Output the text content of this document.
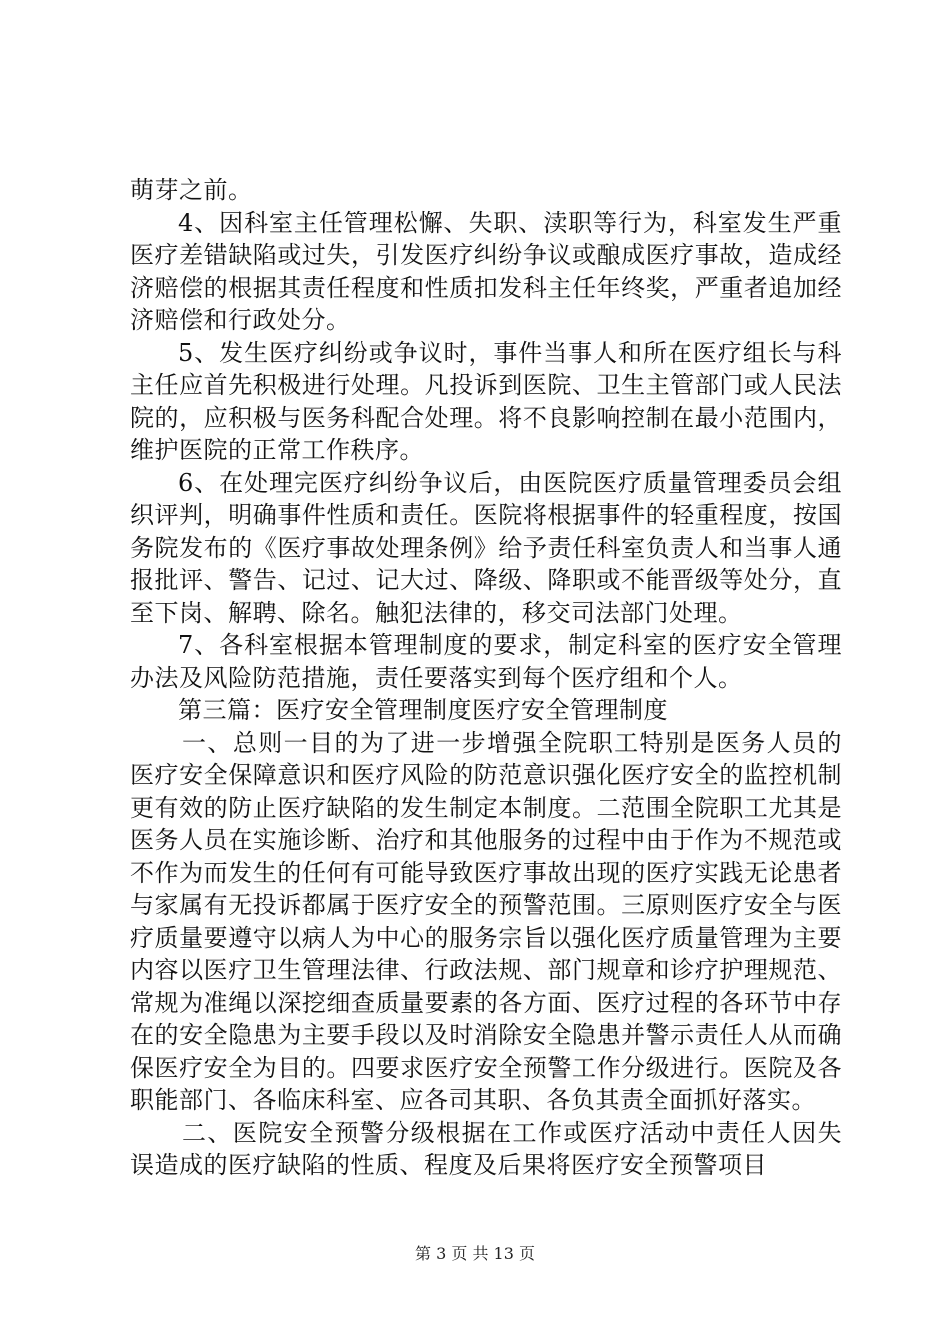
萌芽之前。

4、因科室主任管理松懈、失职、渎职等行为，科室发生严重医疗差错缺陷或过失，引发医疗纠纷争议或酿成医疗事故，造成经济赔偿的根据其责任程度和性质扣发科主任年终奖，严重者追加经济赔偿和行政处分。

5、发生医疗纠纷或争议时，事件当事人和所在医疗组长与科主任应首先积极进行处理。凡投诉到医院、卫生主管部门或人民法院的，应积极与医务科配合处理。将不良影响控制在最小范围内，维护医院的正常工作秩序。

6、在处理完医疗纠纷争议后，由医院医疗质量管理委员会组织评判，明确事件性质和责任。医院将根据事件的轻重程度，按国务院发布的《医疗事故处理条例》给予责任科室负责人和当事人通报批评、警告、记过、记大过、降级、降职或不能晋级等处分，直至下岗、解聘、除名。触犯法律的，移交司法部门处理。

7、各科室根据本管理制度的要求，制定科室的医疗安全管理办法及风险防范措施，责任要落实到每个医疗组和个人。

第三篇：医疗安全管理制度医疗安全管理制度

一、总则一目的为了进一步增强全院职工特别是医务人员的医疗安全保障意识和医疗风险的防范意识强化医疗安全的监控机制更有效的防止医疗缺陷的发生制定本制度。二范围全院职工尤其是医务人员在实施诊断、治疗和其他服务的过程中由于作为不规范或不作为而发生的任何有可能导致医疗事故出现的医疗实践无论患者与家属有无投诉都属于医疗安全的预警范围。三原则医疗安全与医疗质量要遵守以病人为中心的服务宗旨以强化医疗质量管理为主要内容以医疗卫生管理法律、行政法规、部门规章和诊疗护理规范、常规为准绳以深挖细查质量要素的各方面、医疗过程的各环节中存在的安全隐患为主要手段以及时消除安全隐患并警示责任人从而确保医疗安全为目的。四要求医疗安全预警工作分级进行。医院及各职能部门、各临床科室、应各司其职、各负其责全面抓好落实。

二、医院安全预警分级根据在工作或医疗活动中责任人因失误造成的医疗缺陷的性质、程度及后果将医疗安全预警项目

第 3 页 共 13 页
